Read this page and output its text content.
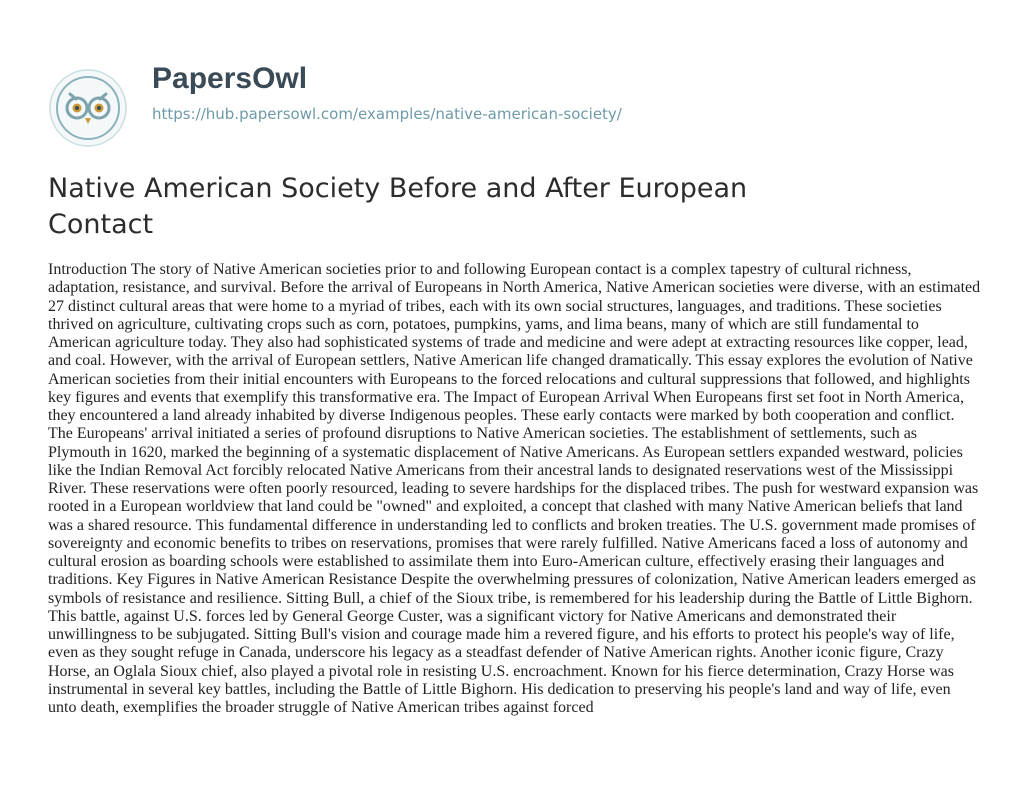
PapersOwl
https://hub.papersowl.com/examples/native-american-society/
Native American Society Before and After European Contact

Introduction The story of Native American societies prior to and following European contact is a complex tapestry of cultural richness, adaptation, resistance, and survival. Before the arrival of Europeans in North America, Native American societies were diverse, with an estimated 27 distinct cultural areas that were home to a myriad of tribes, each with its own social structures, languages, and traditions. These societies thrived on agriculture, cultivating crops such as corn, potatoes, pumpkins, yams, and lima beans, many of which are still fundamental to American agriculture today. They also had sophisticated systems of trade and medicine and were adept at extracting resources like copper, lead, and coal. However, with the arrival of European settlers, Native American life changed dramatically. This essay explores the evolution of Native American societies from their initial encounters with Europeans to the forced relocations and cultural suppressions that followed, and highlights key figures and events that exemplify this transformative era. The Impact of European Arrival When Europeans first set foot in North America, they encountered a land already inhabited by diverse Indigenous peoples. These early contacts were marked by both cooperation and conflict. The Europeans' arrival initiated a series of profound disruptions to Native American societies. The establishment of settlements, such as Plymouth in 1620, marked the beginning of a systematic displacement of Native Americans. As European settlers expanded westward, policies like the Indian Removal Act forcibly relocated Native Americans from their ancestral lands to designated reservations west of the Mississippi River. These reservations were often poorly resourced, leading to severe hardships for the displaced tribes. The push for westward expansion was rooted in a European worldview that land could be "owned" and exploited, a concept that clashed with many Native American beliefs that land was a shared resource. This fundamental difference in understanding led to conflicts and broken treaties. The U.S. government made promises of sovereignty and economic benefits to tribes on reservations, promises that were rarely fulfilled. Native Americans faced a loss of autonomy and cultural erosion as boarding schools were established to assimilate them into Euro-American culture, effectively erasing their languages and traditions. Key Figures in Native American Resistance Despite the overwhelming pressures of colonization, Native American leaders emerged as symbols of resistance and resilience. Sitting Bull, a chief of the Sioux tribe, is remembered for his leadership during the Battle of Little Bighorn. This battle, against U.S. forces led by General George Custer, was a significant victory for Native Americans and demonstrated their unwillingness to be subjugated. Sitting Bull's vision and courage made him a revered figure, and his efforts to protect his people's way of life, even as they sought refuge in Canada, underscore his legacy as a steadfast defender of Native American rights. Another iconic figure, Crazy Horse, an Oglala Sioux chief, also played a pivotal role in resisting U.S. encroachment. Known for his fierce determination, Crazy Horse was instrumental in several key battles, including the Battle of Little Bighorn. His dedication to preserving his people's land and way of life, even unto death, exemplifies the broader struggle of Native American tribes against forced
